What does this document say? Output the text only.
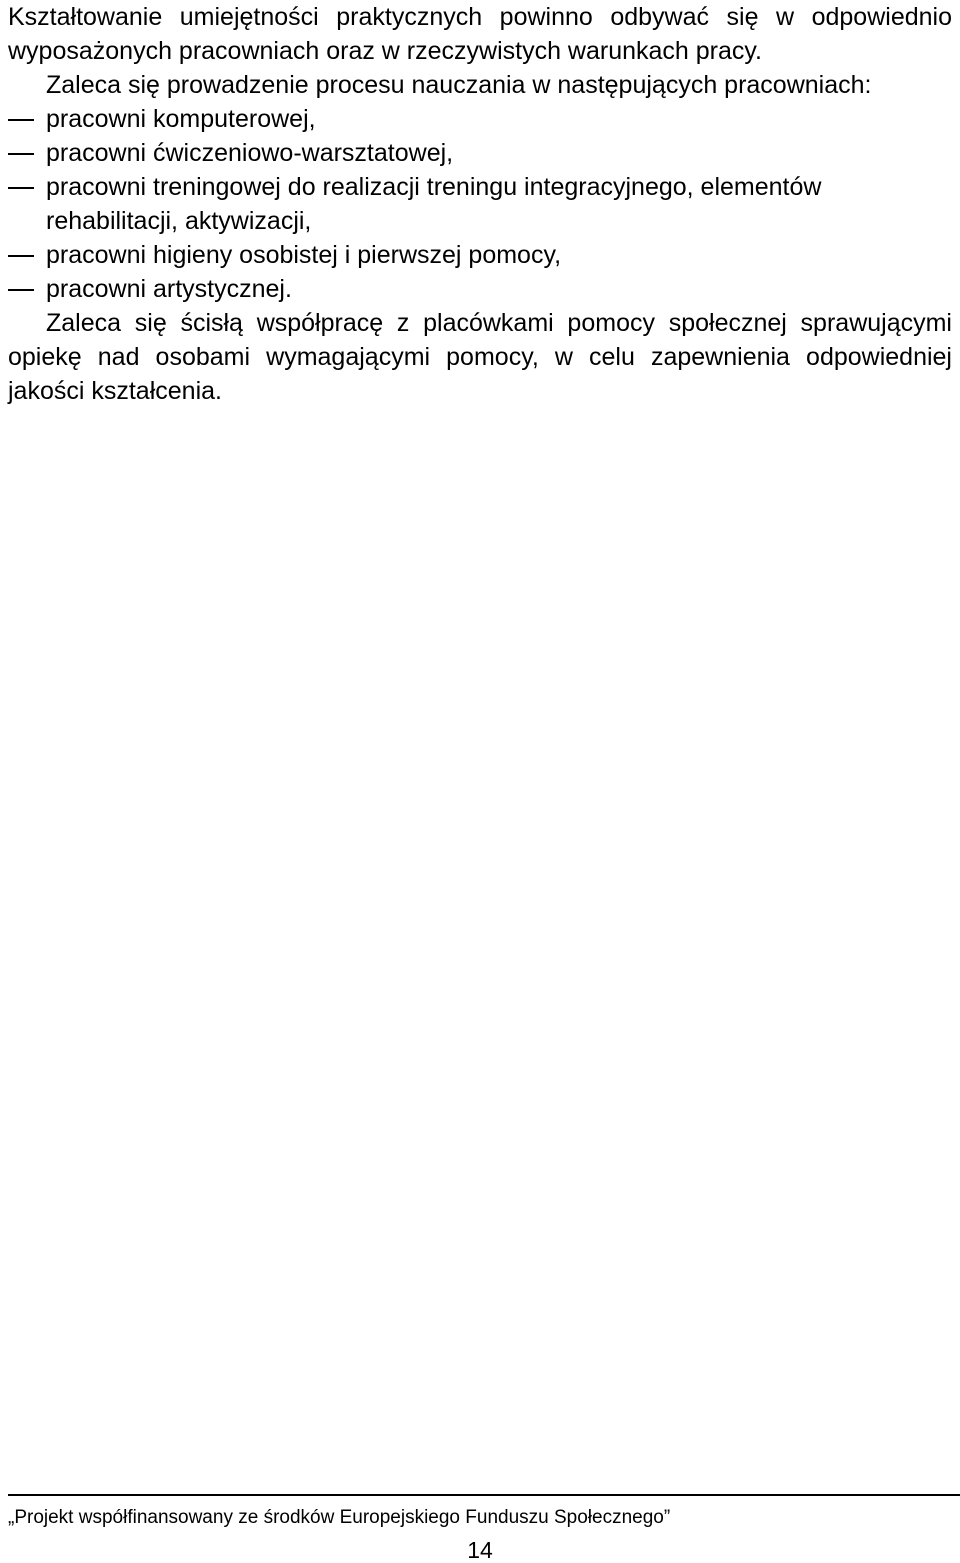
Kształtowanie umiejętności praktycznych powinno odbywać się w odpowiednio wyposażonych pracowniach oraz w rzeczywistych warunkach pracy.

Zaleca się prowadzenie procesu nauczania w następujących pracowniach:

pracowni komputerowej,
pracowni ćwiczeniowo-warsztatowej,
pracowni treningowej do realizacji treningu integracyjnego, elementów rehabilitacji, aktywizacji,
pracowni higieny osobistej i pierwszej pomocy,
pracowni artystycznej.

Zaleca się ścisłą współpracę z placówkami pomocy społecznej sprawującymi opiekę nad osobami wymagającymi pomocy, w celu zapewnienia odpowiedniej jakości kształcenia.

„Projekt współfinansowany ze środków Europejskiego Funduszu Społecznego”
14
